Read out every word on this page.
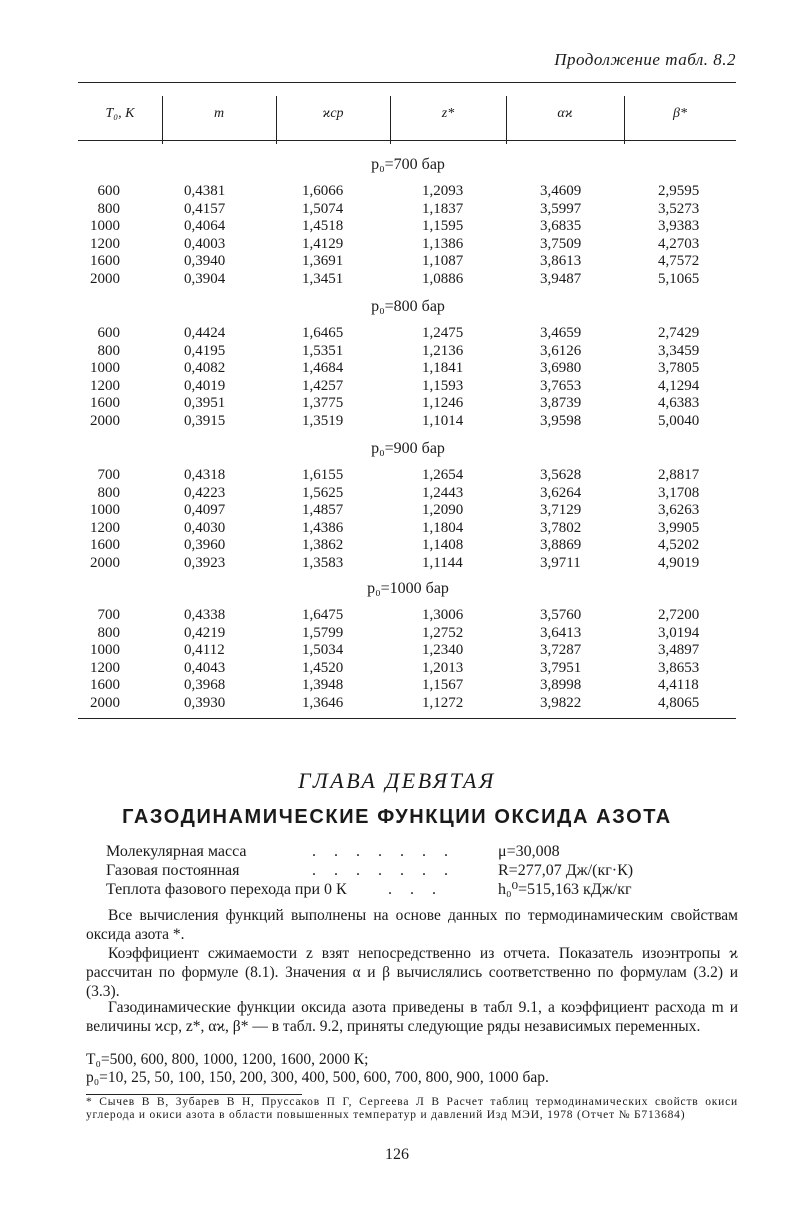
Продолжение табл. 8.2
T₀, K	m	ϰср	z*	αϰ	β*
p₀=700 бар
600	0,4381	1,6066	1,2093	3,4609	2,9595
800	0,4157	1,5074	1,1837	3,5997	3,5273
1000	0,4064	1,4518	1,1595	3,6835	3,9383
1200	0,4003	1,4129	1,1386	3,7509	4,2703
1600	0,3940	1,3691	1,1087	3,8613	4,7572
2000	0,3904	1,3451	1,0886	3,9487	5,1065
p₀=800 бар
600	0,4424	1,6465	1,2475	3,4659	2,7429
800	0,4195	1,5351	1,2136	3,6126	3,3459
1000	0,4082	1,4684	1,1841	3,6980	3,7805
1200	0,4019	1,4257	1,1593	3,7653	4,1294
1600	0,3951	1,3775	1,1246	3,8739	4,6383
2000	0,3915	1,3519	1,1014	3,9598	5,0040
p₀=900 бар
700	0,4318	1,6155	1,2654	3,5628	2,8817
800	0,4223	1,5625	1,2443	3,6264	3,1708
1000	0,4097	1,4857	1,2090	3,7129	3,6263
1200	0,4030	1,4386	1,1804	3,7802	3,9905
1600	0,3960	1,3862	1,1408	3,8869	4,5202
2000	0,3923	1,3583	1,1144	3,9711	4,9019
p₀=1000 бар
700	0,4338	1,6475	1,3006	3,5760	2,7200
800	0,4219	1,5799	1,2752	3,6413	3,0194
1000	0,4112	1,5034	1,2340	3,7287	3,4897
1200	0,4043	1,4520	1,2013	3,7951	3,8653
1600	0,3968	1,3948	1,1567	3,8998	4,4118
2000	0,3930	1,3646	1,1272	3,9822	4,8065
ГЛАВА ДЕВЯТАЯ
ГАЗОДИНАМИЧЕСКИЕ ФУНКЦИИ ОКСИДА АЗОТА
Молекулярная масса	. . . . . . .	μ=30,008
Газовая постоянная	. . . . . . .	R=277,07 Дж/(кг·К)
Теплота фазового перехода при 0 К	. . .	h₀⁰=515,163 кДж/кг

Все вычисления функций выполнены на основе данных по термодинамическим свойствам оксида азота *.

Коэффициент сжимаемости z взят непосредственно из отчета. Показатель изоэнтропы ϰ рассчитан по формуле (8.1). Значения α и β вычислялись соответственно по формулам (3.2) и (3.3).

Газодинамические функции оксида азота приведены в табл 9.1, а коэффициент расхода m и величины ϰср, z*, αϰ, β* — в табл. 9.2, приняты следующие ряды независимых переменных.

T₀=500, 600, 800, 1000, 1200, 1600, 2000 К;

p₀=10, 25, 50, 100, 150, 200, 300, 400, 500, 600, 700, 800, 900, 1000 бар.

* Сычев В В, Зубарев В Н, Пруссаков П Г, Сергеева Л В Расчет таблиц термодинамических свойств окиси углерода и окиси азота в области повышенных температур и давлений Изд МЭИ, 1978 (Отчет № Б713684)
126
